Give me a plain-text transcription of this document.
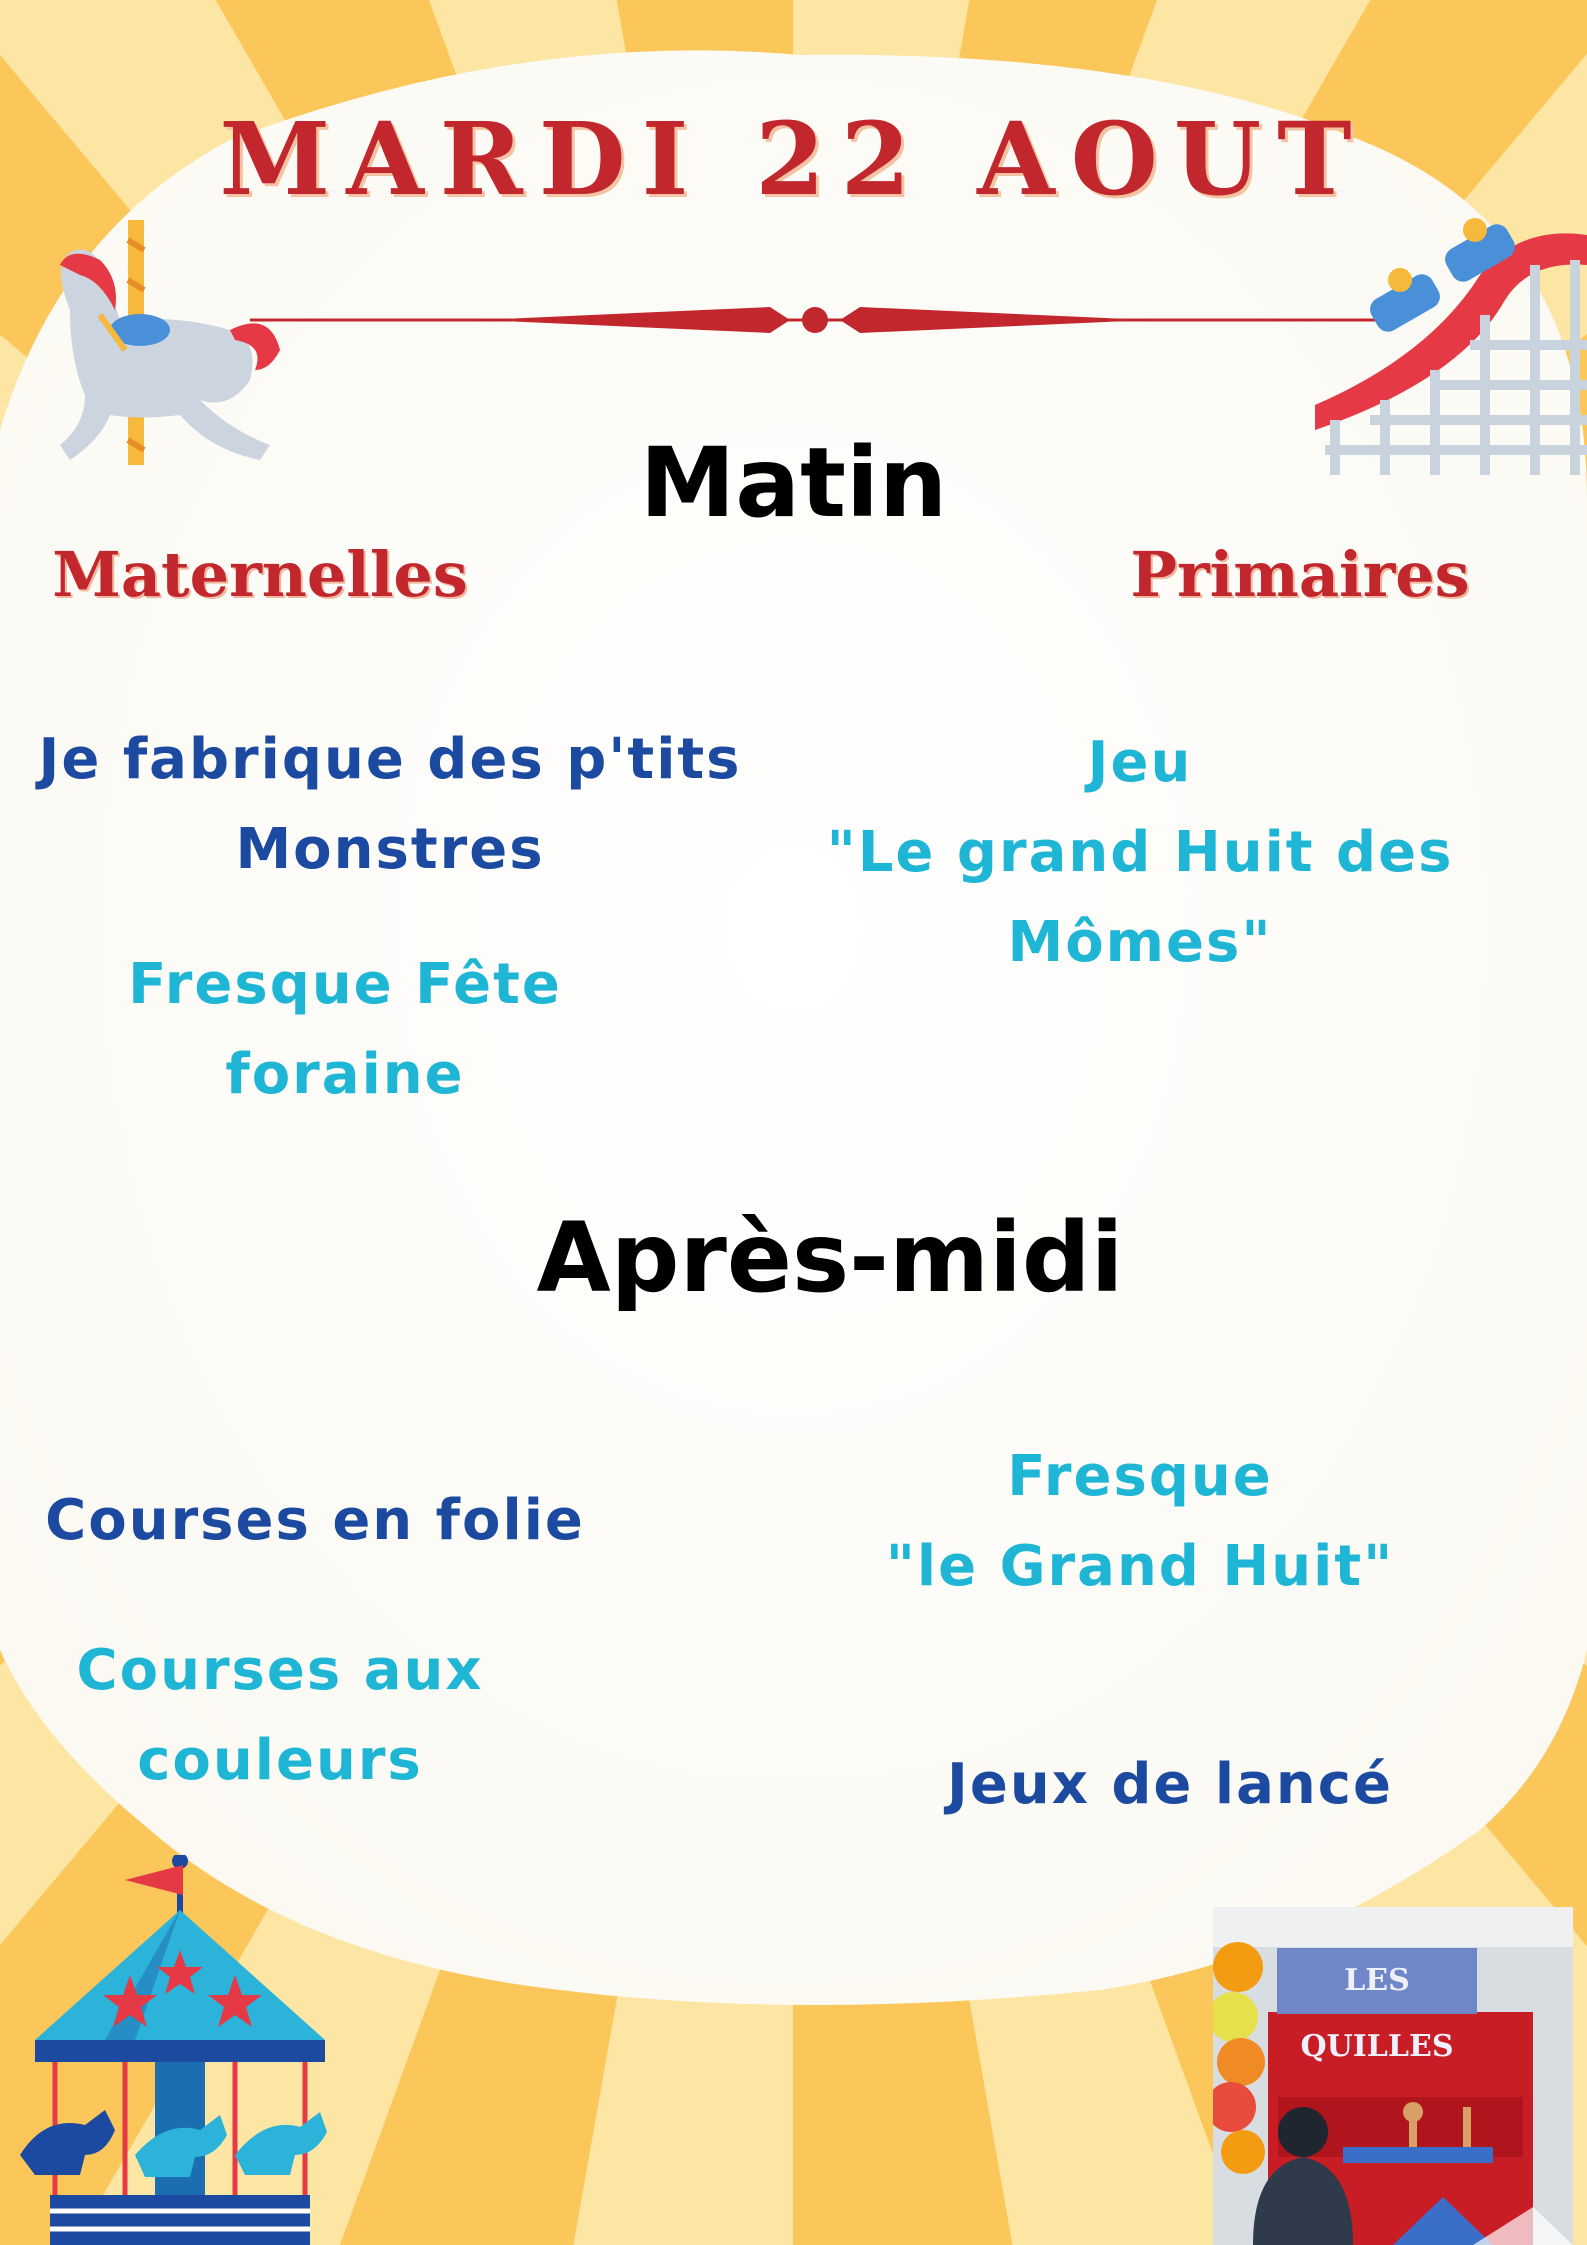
MARDI 22 AOUT
Matin
Maternelles	Primaires
Je fabrique des p'tits
Monstres
Fresque Fête
foraine
Jeu
"Le grand Huit des
Mômes"
Après-midi
Courses en folie
Courses aux
couleurs
Fresque
"le Grand Huit"
Jeux de lancé
LES QUILLES
